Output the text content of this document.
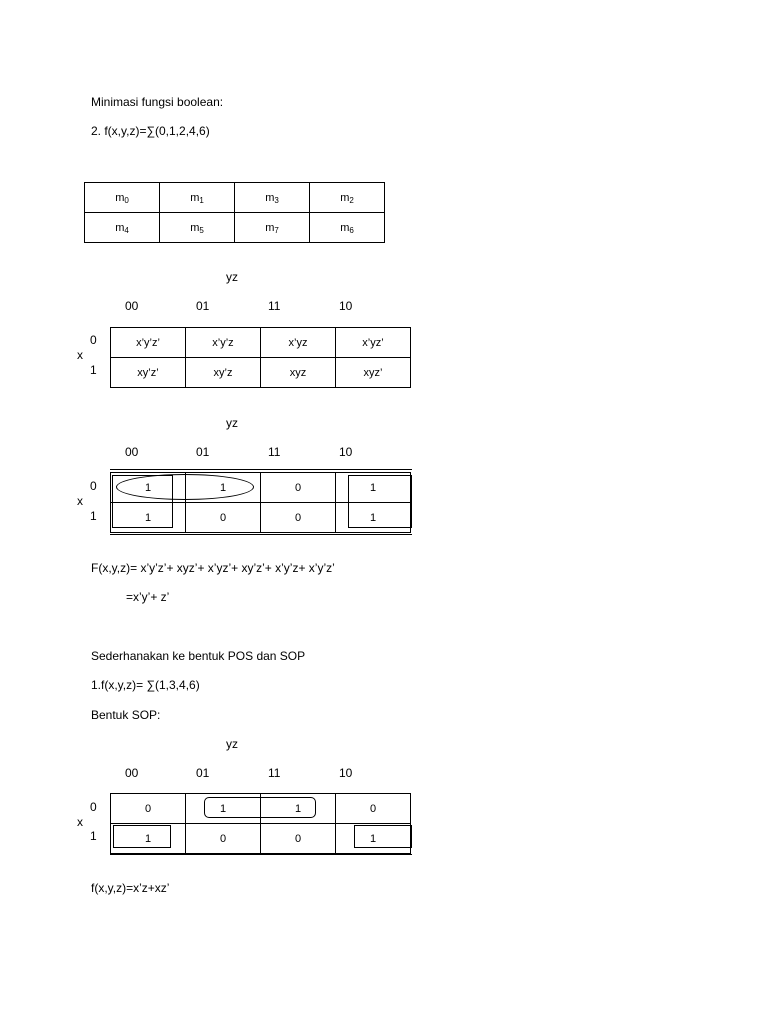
Minimasi fungsi boolean:
2. f(x,y,z)=∑(0,1,2,4,6)
m0	m1	m3	m2
m4	m5	m7	m6
yz
00	01	11	10
0
1
x
x’y’z’	x’y’z	x’yz	x’yz’
xy’z’	xy’z	xyz	xyz’
yz
00	01	11	10
0
1
x
1	1	0	1
1	0	0	1
F(x,y,z)= x’y’z’+ xyz’+ x’yz’+ xy’z’+ x’y’z+ x’y’z’
=x’y’+ z’
Sederhanakan ke bentuk POS dan SOP
1.f(x,y,z)= ∑(1,3,4,6)
Bentuk SOP:
yz
00	01	11	10
0
1
x
0	1	1	0
1	0	0	1
f(x,y,z)=x’z+xz’
